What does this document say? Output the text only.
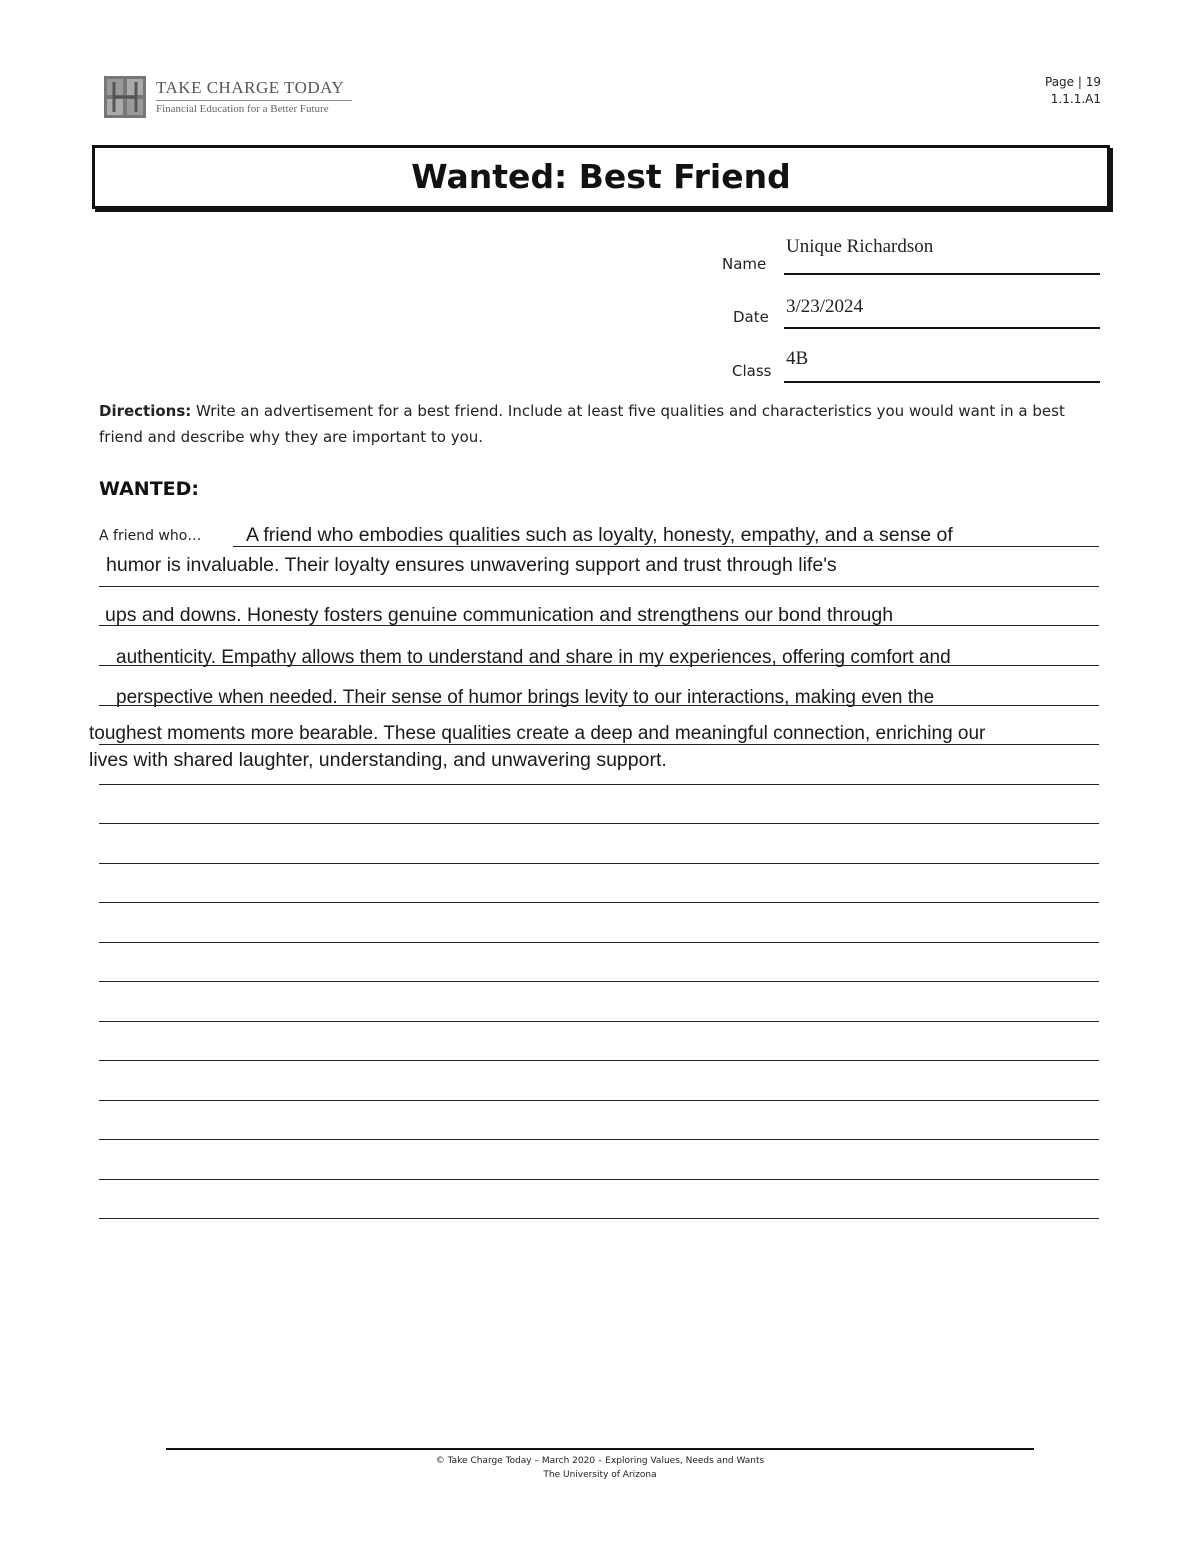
TAKE CHARGE TODAY
Financial Education for a Better Future
Page | 19
1.1.1.A1
Wanted: Best Friend
Name
Unique Richardson
Date 3/23/2024
Class
4B
Directions: Write an advertisement for a best friend. Include at least five qualities and characteristics you would want in a best friend and describe why they are important to you.
WANTED:
A friend who… A friend who embodies qualities such as loyalty, honesty, empathy, and a sense of
humor is invaluable. Their loyalty ensures unwavering support and trust through life's
ups and downs. Honesty fosters genuine communication and strengthens our bond through
authenticity. Empathy allows them to understand and share in my experiences, offering comfort and
perspective when needed. Their sense of humor brings levity to our interactions, making even the
toughest moments more bearable. These qualities create a deep and meaningful connection, enriching our
lives with shared laughter, understanding, and unwavering support.
© Take Charge Today – March 2020 – Exploring Values, Needs and Wants
The University of Arizona
